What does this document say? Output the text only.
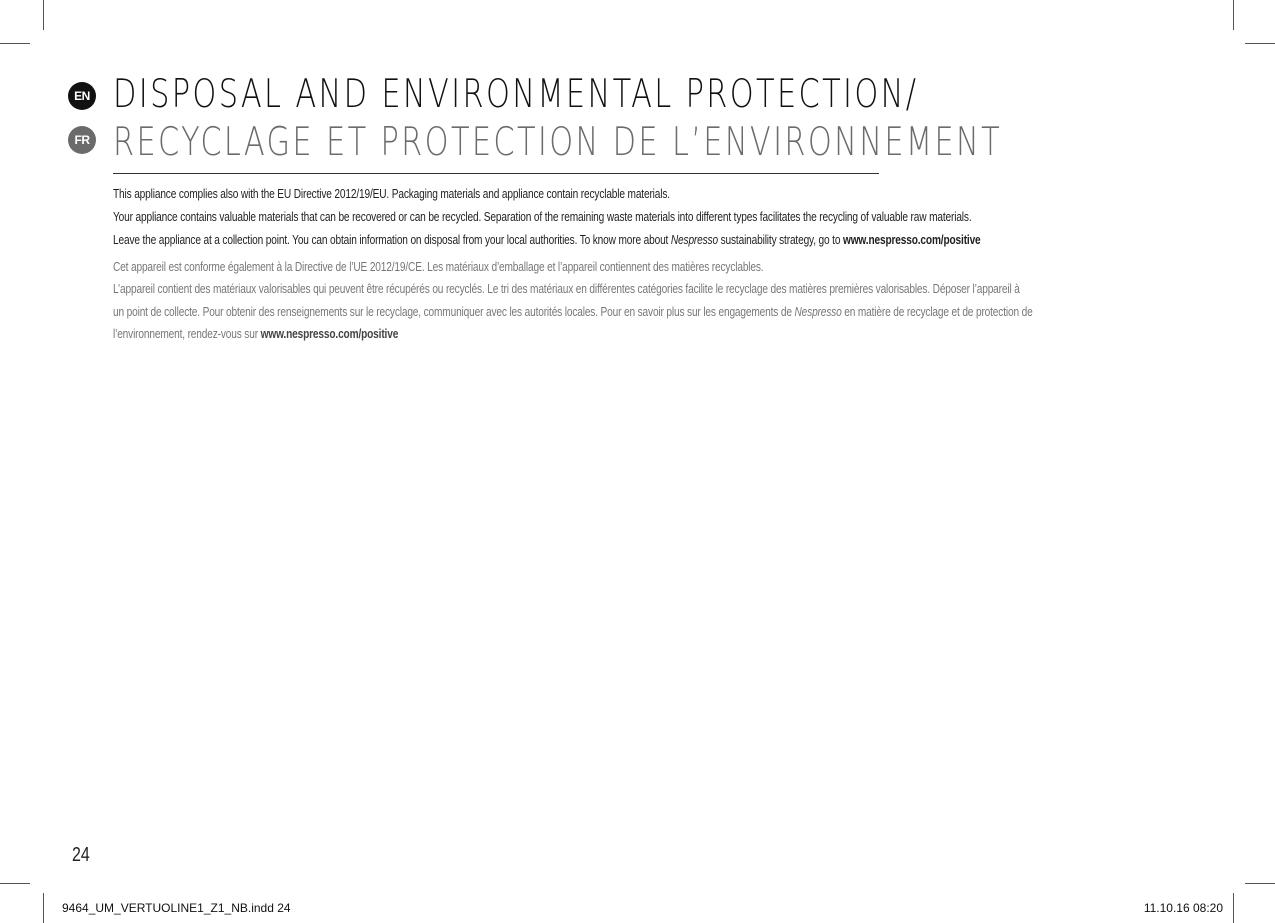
EN DISPOSAL AND ENVIRONMENTAL PROTECTION/
FR RECYCLAGE ET PROTECTION DE L’ENVIRONNEMENT
This appliance complies also with the EU Directive 2012/19/EU. Packaging materials and appliance contain recyclable materials.
Your appliance contains valuable materials that can be recovered or can be recycled. Separation of the remaining waste materials into different types facilitates the recycling of valuable raw materials.
Leave the appliance at a collection point. You can obtain information on disposal from your local authorities. To know more about Nespresso sustainability strategy, go to www.nespresso.com/positive
Cet appareil est conforme également à la Directive de l’UE 2012/19/CE. Les matériaux d’emballage et l’appareil contiennent des matières recyclables.
L’appareil contient des matériaux valorisables qui peuvent être récupérés ou recyclés. Le tri des matériaux en différentes catégories facilite le recyclage des matières premières valorisables. Déposer l’appareil à
un point de collecte. Pour obtenir des renseignements sur le recyclage, communiquer avec les autorités locales. Pour en savoir plus sur les engagements de Nespresso en matière de recyclage et de protection de
l’environnement, rendez-vous sur www.nespresso.com/positive
24
9464_UM_VERTUOLINE1_Z1_NB.indd 24	11.10.16 08:20
